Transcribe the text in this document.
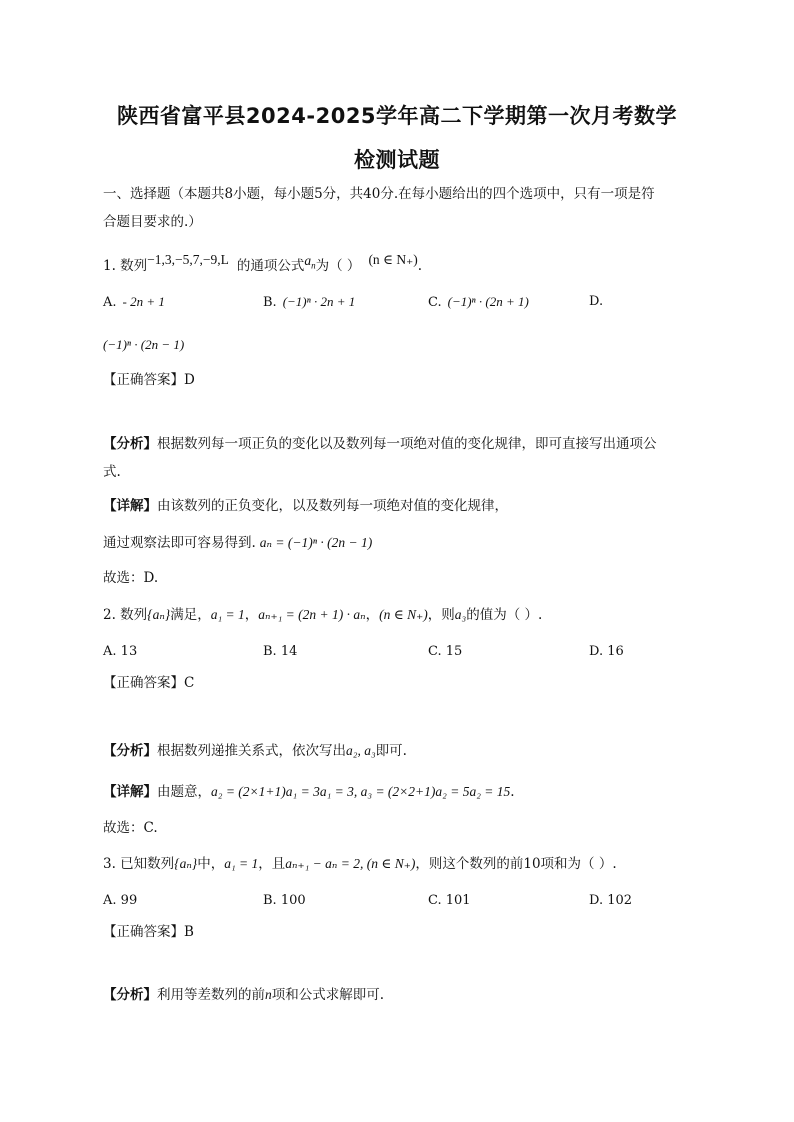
陕西省富平县2024-2025学年高二下学期第一次月考数学
检测试题
一、选择题（本题共8小题，每小题5分，共40分.在每小题给出的四个选项中，只有一项是符
合题目要求的.）
1. 数列−1,3,−5,7,−9,L 的通项公式$a_n$为（ ） (n ∈ N₊).
A. - 2n + 1	B. (−1)ⁿ · 2n + 1	C. (−1)ⁿ · (2n + 1)	D.
(−1)ⁿ · (2n − 1)
【正确答案】D
【分析】根据数列每一项正负的变化以及数列每一项绝对值的变化规律，即可直接写出通项公
式.
【详解】由该数列的正负变化，以及数列每一项绝对值的变化规律，
通过观察法即可容易得到. aₙ = (−1)ⁿ · (2n − 1)
故选：D.
2. 数列{aₙ}满足，a₁ = 1，aₙ₊₁ = (2n + 1) · aₙ，(n ∈ N₊)，则a₃的值为（ ）.
A. 13	B. 14	C. 15	D. 16
【正确答案】C
【分析】根据数列递推关系式，依次写出a₂, a₃即可.
【详解】由题意，a₂ = (2×1+1)a₁ = 3a₁ = 3, a₃ = (2×2+1)a₂ = 5a₂ = 15.
故选：C.
3. 已知数列{aₙ}中，a₁ = 1，且aₙ₊₁ − aₙ = 2, (n ∈ N₊)，则这个数列的前10项和为（ ）.
A. 99	B. 100	C. 101	D. 102
【正确答案】B
【分析】利用等差数列的前n项和公式求解即可.
